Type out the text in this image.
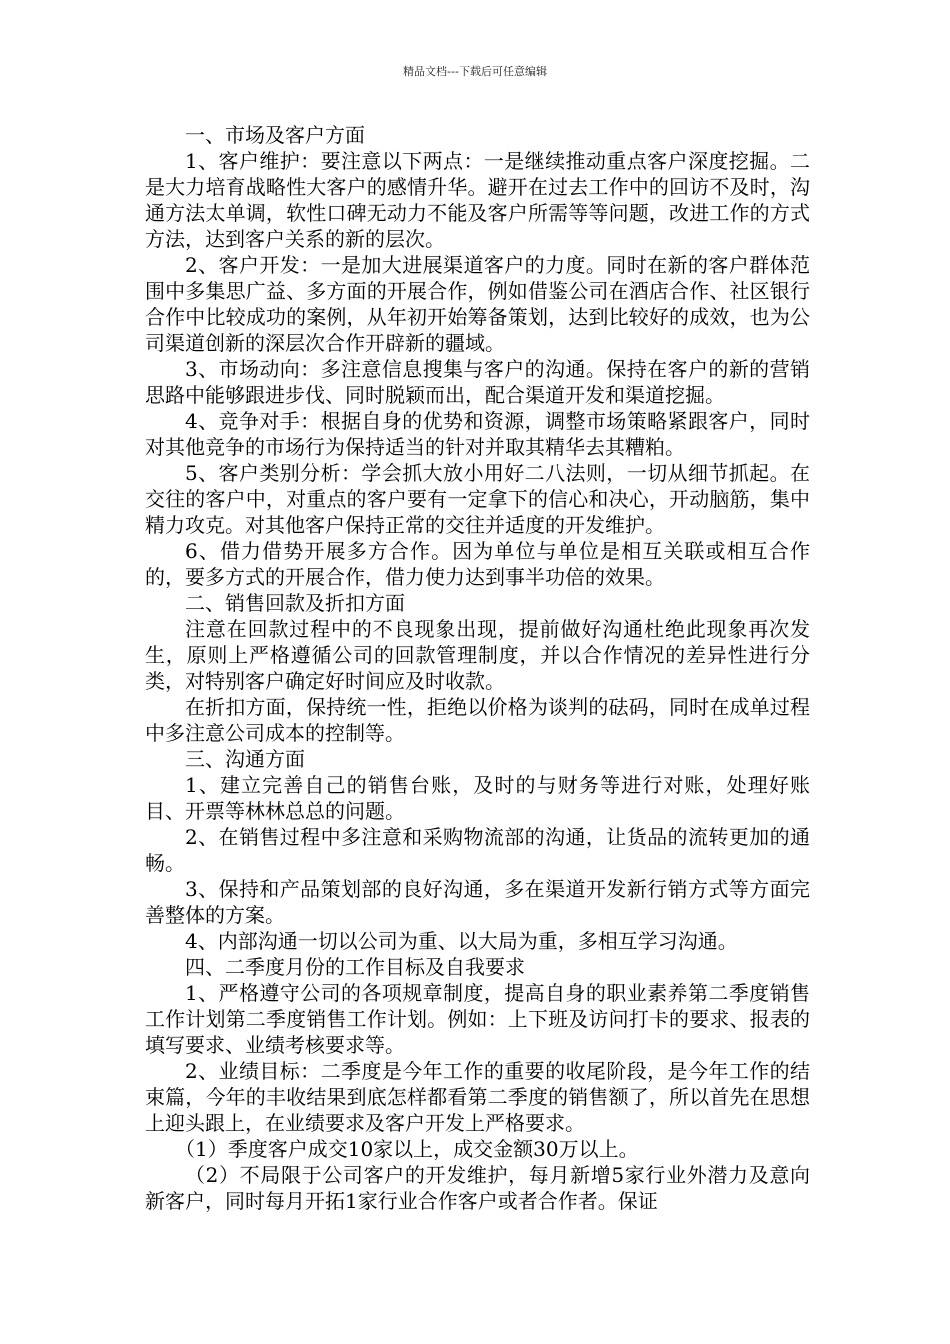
精品文档---下载后可任意编辑

一、市场及客户方面

1、客户维护：要注意以下两点：一是继续推动重点客户深度挖掘。二是大力培育战略性大客户的感情升华。避开在过去工作中的回访不及时，沟通方法太单调，软性口碑无动力不能及客户所需等等问题，改进工作的方式方法，达到客户关系的新的层次。

2、客户开发：一是加大进展渠道客户的力度。同时在新的客户群体范围中多集思广益、多方面的开展合作，例如借鉴公司在酒店合作、社区银行合作中比较成功的案例，从年初开始筹备策划，达到比较好的成效，也为公司渠道创新的深层次合作开辟新的疆域。

3、市场动向：多注意信息搜集与客户的沟通。保持在客户的新的营销思路中能够跟进步伐、同时脱颖而出，配合渠道开发和渠道挖掘。

4、竞争对手：根据自身的优势和资源，调整市场策略紧跟客户，同时对其他竞争的市场行为保持适当的针对并取其精华去其糟粕。

5、客户类别分析：学会抓大放小用好二八法则，一切从细节抓起。在交往的客户中，对重点的客户要有一定拿下的信心和决心，开动脑筋，集中精力攻克。对其他客户保持正常的交往并适度的开发维护。

6、借力借势开展多方合作。因为单位与单位是相互关联或相互合作的，要多方式的开展合作，借力使力达到事半功倍的效果。

二、销售回款及折扣方面

注意在回款过程中的不良现象出现，提前做好沟通杜绝此现象再次发生，原则上严格遵循公司的回款管理制度，并以合作情况的差异性进行分类，对特别客户确定好时间应及时收款。

在折扣方面，保持统一性，拒绝以价格为谈判的砝码，同时在成单过程中多注意公司成本的控制等。

三、沟通方面

1、建立完善自己的销售台账，及时的与财务等进行对账，处理好账目、开票等林林总总的问题。

2、在销售过程中多注意和采购物流部的沟通，让货品的流转更加的通畅。

3、保持和产品策划部的良好沟通，多在渠道开发新行销方式等方面完善整体的方案。

4、内部沟通一切以公司为重、以大局为重，多相互学习沟通。

四、二季度月份的工作目标及自我要求

1、严格遵守公司的各项规章制度，提高自身的职业素养第二季度销售工作计划第二季度销售工作计划。例如：上下班及访问打卡的要求、报表的填写要求、业绩考核要求等。

2、业绩目标：二季度是今年工作的重要的收尾阶段，是今年工作的结束篇，今年的丰收结果到底怎样都看第二季度的销售额了，所以首先在思想上迎头跟上，在业绩要求及客户开发上严格要求。

（1）季度客户成交10家以上，成交金额30万以上。

（2）不局限于公司客户的开发维护，每月新增5家行业外潜力及意向新客户，同时每月开拓1家行业合作客户或者合作者。保证
